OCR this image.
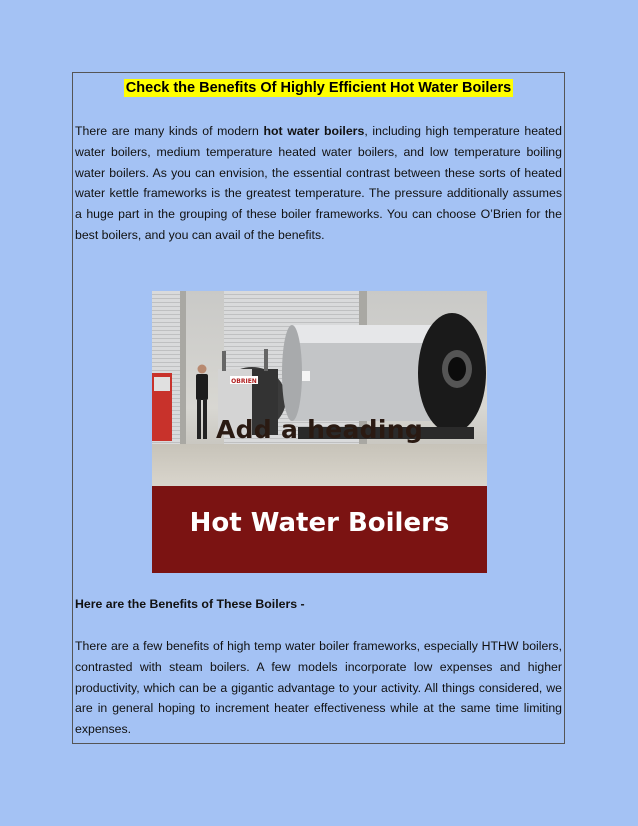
Check the Benefits Of Highly Efficient Hot Water Boilers

There are many kinds of modern hot water boilers, including high temperature heated water boilers, medium temperature heated water boilers, and low temperature boiling water boilers. As you can envision, the essential contrast between these sorts of heated water kettle frameworks is the greatest temperature. The pressure additionally assumes a huge part in the grouping of these boiler frameworks. You can choose O’Brien for the best boilers, and you can avail of the benefits.

OBRIEN
Add a heading
Hot Water Boilers

Here are the Benefits of These Boilers -

There are a few benefits of high temp water boiler frameworks, especially HTHW boilers, contrasted with steam boilers. A few models incorporate low expenses and higher productivity, which can be a gigantic advantage to your activity. All things considered, we are in general hoping to increment heater effectiveness while at the same time limiting expenses.
